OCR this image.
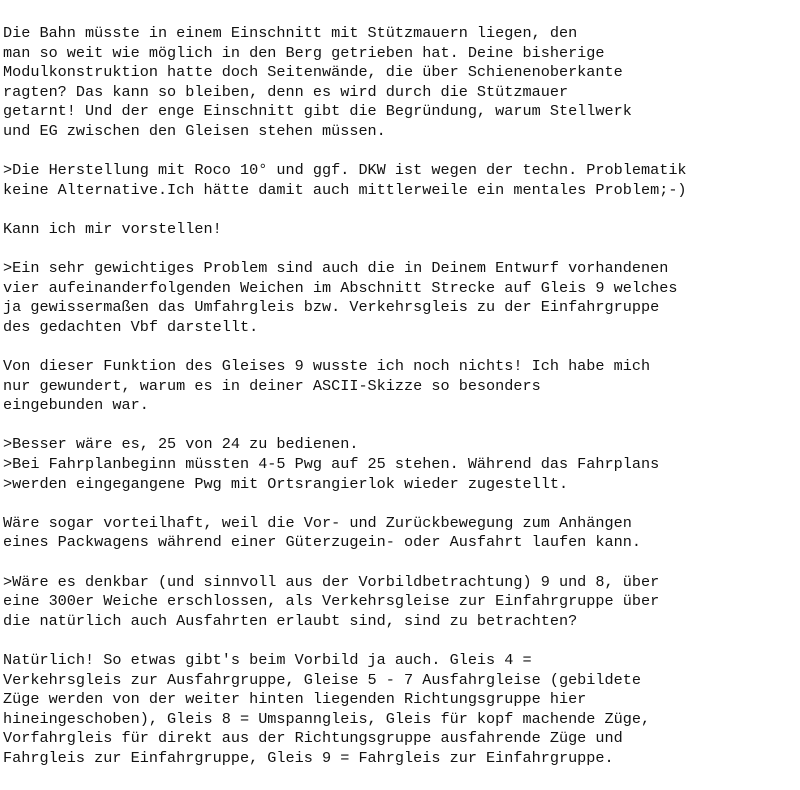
Die Bahn müsste in einem Einschnitt mit Stützmauern liegen, den
man so weit wie möglich in den Berg getrieben hat. Deine bisherige
Modulkonstruktion hatte doch Seitenwände, die über Schienenoberkante
ragten? Das kann so bleiben, denn es wird durch die Stützmauer
getarnt! Und der enge Einschnitt gibt die Begründung, warum Stellwerk
und EG zwischen den Gleisen stehen müssen.
>Die Herstellung mit Roco 10° und ggf. DKW ist wegen der techn. Problematik
keine Alternative.Ich hätte damit auch mittlerweile ein mentales Problem;-)
Kann ich mir vorstellen!
>Ein sehr gewichtiges Problem sind auch die in Deinem Entwurf vorhandenen
vier aufeinanderfolgenden Weichen im Abschnitt Strecke auf Gleis 9 welches
ja gewissermaßen das Umfahrgleis bzw. Verkehrsgleis zu der Einfahrgruppe
des gedachten Vbf darstellt.
Von dieser Funktion des Gleises 9 wusste ich noch nichts! Ich habe mich
nur gewundert, warum es in deiner ASCII-Skizze so besonders
eingebunden war.
>Besser wäre es, 25 von 24 zu bedienen.
>Bei Fahrplanbeginn müssten 4-5 Pwg auf 25 stehen. Während das Fahrplans
>werden eingegangene Pwg mit Ortsrangierlok wieder zugestellt.
Wäre sogar vorteilhaft, weil die Vor- und Zurückbewegung zum Anhängen
eines Packwagens während einer Güterzugein- oder Ausfahrt laufen kann.
>Wäre es denkbar (und sinnvoll aus der Vorbildbetrachtung) 9 und 8, über
eine 300er Weiche erschlossen, als Verkehrsgleise zur Einfahrgruppe über
die natürlich auch Ausfahrten erlaubt sind, sind zu betrachten?
Natürlich! So etwas gibt's beim Vorbild ja auch. Gleis 4 =
Verkehrsgleis zur Ausfahrgruppe, Gleise 5 - 7 Ausfahrgleise (gebildete
Züge werden von der weiter hinten liegenden Richtungsgruppe hier
hineingeschoben), Gleis 8 = Umspanngleis, Gleis für kopf machende Züge,
Vorfahrgleis für direkt aus der Richtungsgruppe ausfahrende Züge und
Fahrgleis zur Einfahrgruppe, Gleis 9 = Fahrgleis zur Einfahrgruppe.
